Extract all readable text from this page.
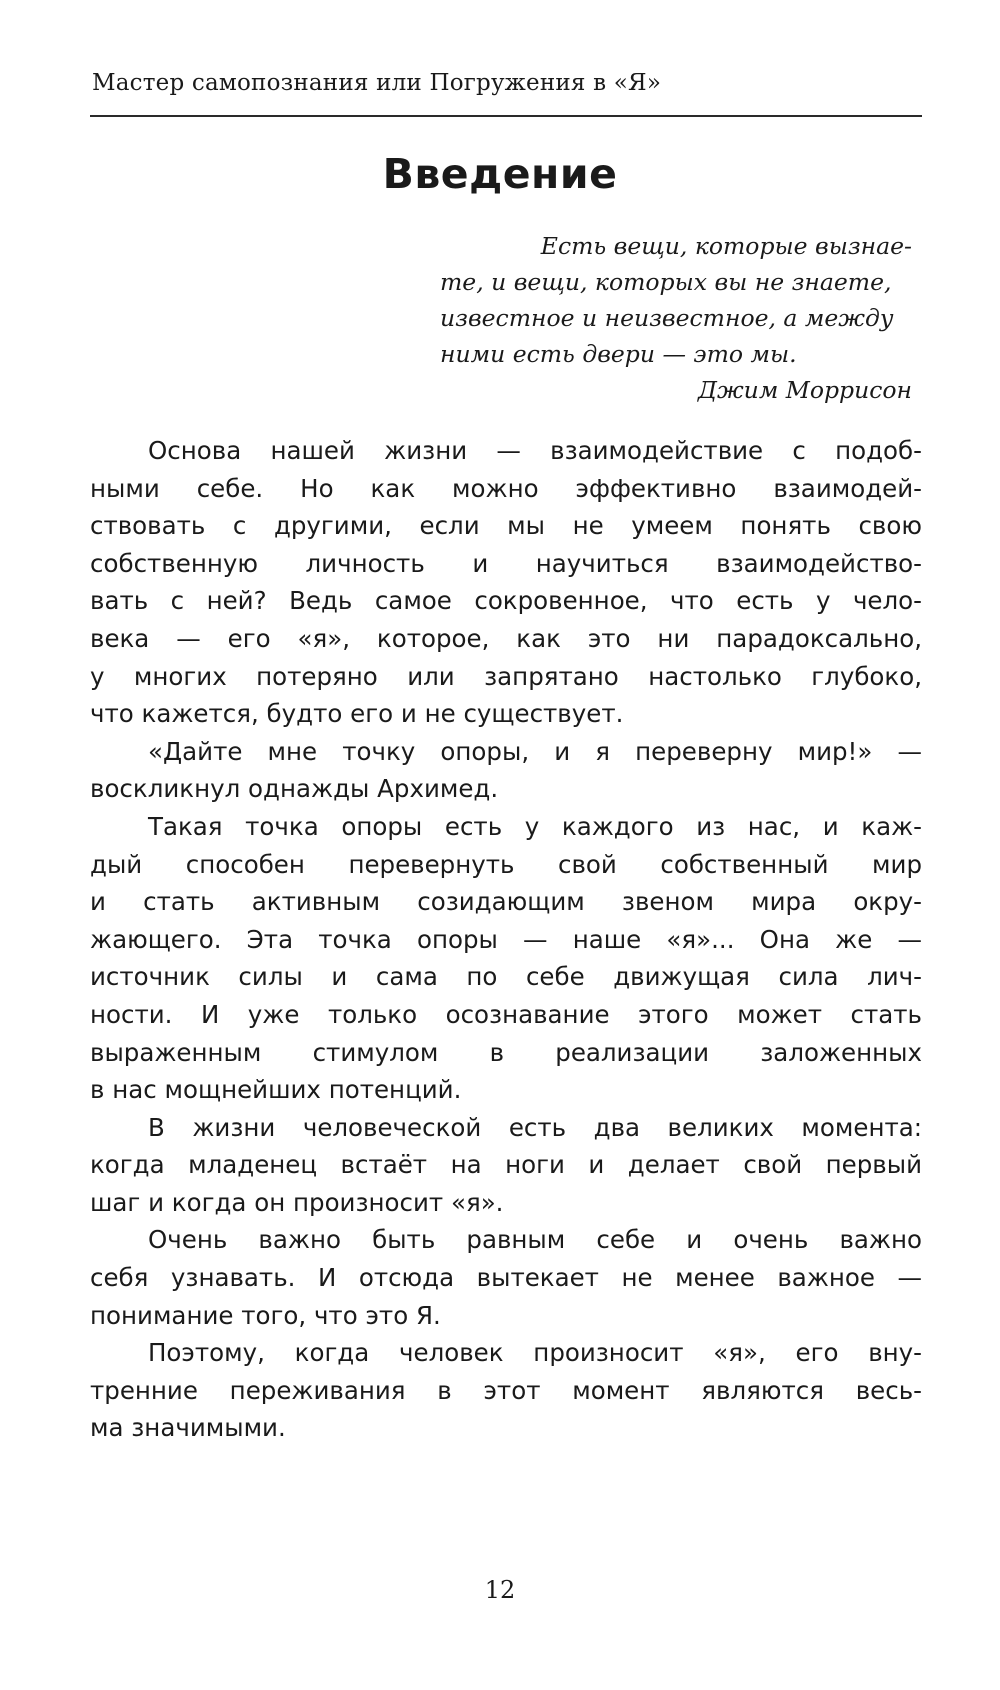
Мастер самопознания или Погружения в «Я»
Введение
Есть вещи, которые вызнае-
те, и вещи, которых вы не знаете,
известное и неизвестное, а между
ними есть двери — это мы.
Джим Моррисон
Основа нашей жизни — взаимодействие с подоб-
ными себе. Но как можно эффективно взаимодей-
ствовать с другими, если мы не умеем понять свою
собственную личность и научиться взаимодейство-
вать с ней? Ведь самое сокровенное, что есть у чело-
века — его «я», которое, как это ни парадоксально,
у многих потеряно или запрятано настолько глубоко,
что кажется, будто его и не существует.
«Дайте мне точку опоры, и я переверну мир!» —
воскликнул однажды Архимед.
Такая точка опоры есть у каждого из нас, и каж-
дый способен перевернуть свой собственный мир
и стать активным созидающим звеном мира окру-
жающего. Эта точка опоры — наше «я»... Она же —
источник силы и сама по себе движущая сила лич-
ности. И уже только осознавание этого может стать
выраженным стимулом в реализации заложенных
в нас мощнейших потенций.
В жизни человеческой есть два великих момента:
когда младенец встаёт на ноги и делает свой первый
шаг и когда он произносит «я».
Очень важно быть равным себе и очень важно
себя узнавать. И отсюда вытекает не менее важное —
понимание того, что это Я.
Поэтому, когда человек произносит «я», его вну-
тренние переживания в этот момент являются весь-
ма значимыми.
12
